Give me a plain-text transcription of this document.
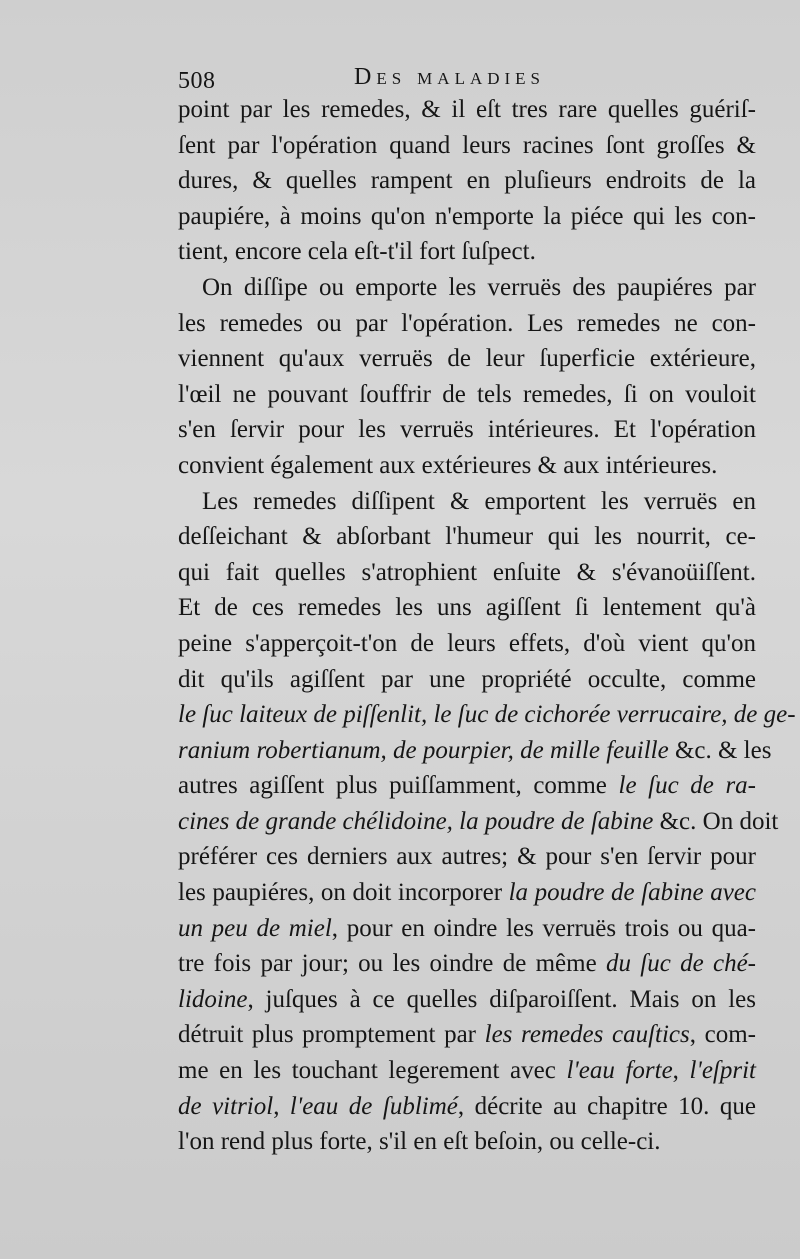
508	Des maladies
point par les remedes, & il eſt tres rare quelles guériſ-
ſent par l'opération quand leurs racines ſont groſſes &
dures, & quelles rampent en pluſieurs endroits de la
paupiére, à moins qu'on n'emporte la piéce qui les con-
tient, encore cela eſt-t'il fort ſuſpect.
On diſſipe ou emporte les verruës des paupiéres par
les remedes ou par l'opération. Les remedes ne con-
viennent qu'aux verruës de leur ſuperficie extérieure,
l'œil ne pouvant ſouffrir de tels remedes, ſi on vouloit
s'en ſervir pour les verruës intérieures. Et l'opération
convient également aux extérieures & aux intérieures.
Les remedes diſſipent & emportent les verruës en
deſſeichant & abſorbant l'humeur qui les nourrit, ce-
qui fait quelles s'atrophient enſuite & s'évanoüiſſent.
Et de ces remedes les uns agiſſent ſi lentement qu'à
peine s'apperçoit-t'on de leurs effets, d'où vient qu'on
dit qu'ils agiſſent par une propriété occulte, comme
le ſuc laiteux de piſſenlit, le ſuc de cichorée verrucaire, de ge-
ranium robertianum, de pourpier, de mille feuille &c. & les
autres agiſſent plus puiſſamment, comme le ſuc de ra-
cines de grande chélidoine, la poudre de ſabine &c. On doit
préférer ces derniers aux autres; & pour s'en ſervir pour
les paupiéres, on doit incorporer la poudre de ſabine avec
un peu de miel, pour en oindre les verruës trois ou qua-
tre fois par jour; ou les oindre de même du ſuc de ché-
lidoine, juſques à ce quelles diſparoiſſent. Mais on les
détruit plus promptement par les remedes cauſtics, com-
me en les touchant legerement avec l'eau forte, l'eſprit
de vitriol, l'eau de ſublimé, décrite au chapitre 10. que
l'on rend plus forte, s'il en eſt beſoin, ou celle-ci.
